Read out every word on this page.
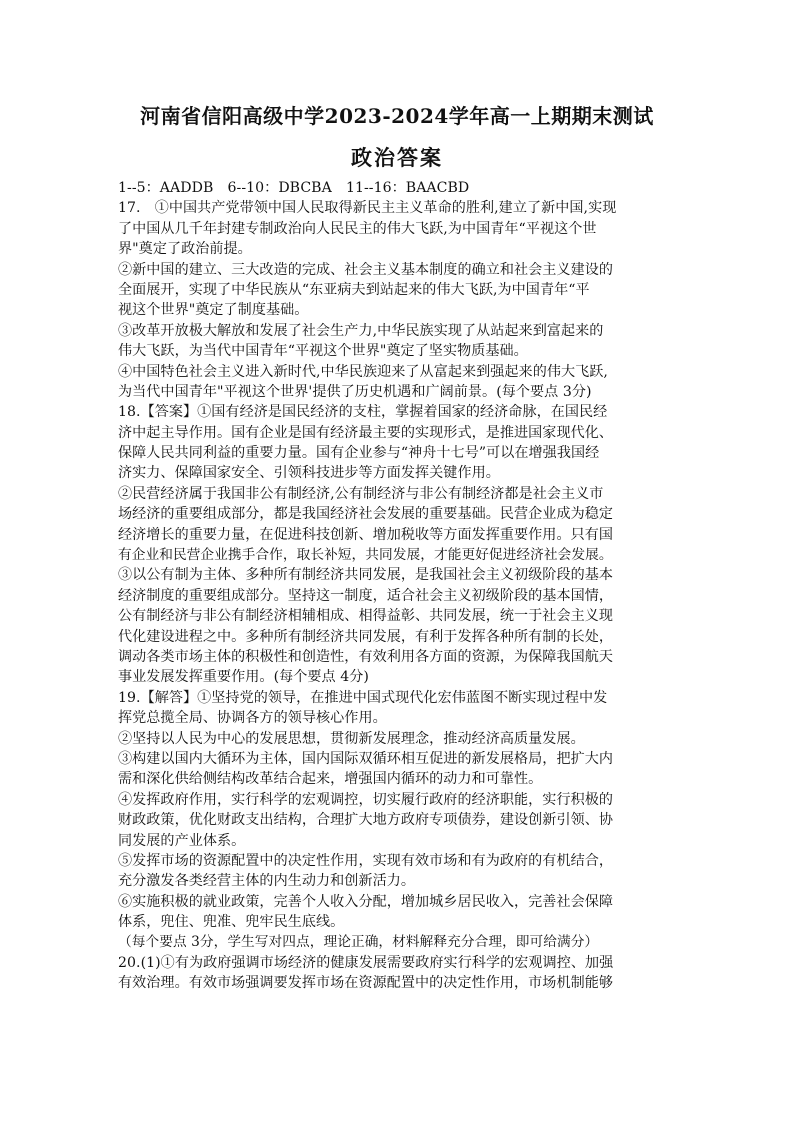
河南省信阳高级中学2023-2024学年高一上期期末测试
政治答案
1--5：AADDB　6--10：DBCBA　11--16：BAACBD
17.　①中国共产党带领中国人民取得新民主主义革命的胜利,建立了新中国,实现
了中国从几千年封建专制政治向人民民主的伟大飞跃,为中国青年“平视这个世
界"奠定了政治前提。
②新中国的建立、三大改造的完成、社会主义基本制度的确立和社会主义建设的
全面展开，实现了中华民族从“东亚病夫到站起来的伟大飞跃,为中国青年“平
视这个世界"奠定了制度基础。
③改革开放极大解放和发展了社会生产力,中华民族实现了从站起来到富起来的
伟大飞跃，为当代中国青年“平视这个世界"奠定了坚实物质基础。
④中国特色社会主义进入新时代,中华民族迎来了从富起来到强起来的伟大飞跃,
为当代中国青年"平视这个世界'提供了历史机遇和广阔前景。(每个要点 3分)
18.【答案】①国有经济是国民经济的支柱，掌握着国家的经济命脉，在国民经
济中起主导作用。国有企业是国有经济最主要的实现形式，是推进国家现代化、
保障人民共同利益的重要力量。国有企业参与“神舟十七号”可以在增强我国经
济实力、保障国家安全、引领科技进步等方面发挥关键作用。
②民营经济属于我国非公有制经济,公有制经济与非公有制经济都是社会主义市
场经济的重要组成部分，都是我国经济社会发展的重要基础。民营企业成为稳定
经济增长的重要力量，在促进科技创新、增加税收等方面发挥重要作用。只有国
有企业和民营企业携手合作，取长补短，共同发展，才能更好促进经济社会发展。
③以公有制为主体、多种所有制经济共同发展，是我国社会主义初级阶段的基本
经济制度的重要组成部分。坚持这一制度，适合社会主义初级阶段的基本国情，
公有制经济与非公有制经济相辅相成、相得益彰、共同发展，统一于社会主义现
代化建设进程之中。多种所有制经济共同发展，有利于发挥各种所有制的长处，
调动各类市场主体的积极性和创造性，有效利用各方面的资源，为保障我国航天
事业发展发挥重要作用。(每个要点 4分)
19.【解答】①坚持党的领导，在推进中国式现代化宏伟蓝图不断实现过程中发
挥党总揽全局、协调各方的领导核心作用。
②坚持以人民为中心的发展思想，贯彻新发展理念，推动经济高质量发展。
③构建以国内大循环为主体，国内国际双循环相互促进的新发展格局，把扩大内
需和深化供给侧结构改革结合起来，增强国内循环的动力和可靠性。
④发挥政府作用，实行科学的宏观调控，切实履行政府的经济职能，实行积极的
财政政策，优化财政支出结构，合理扩大地方政府专项债券，建设创新引领、协
同发展的产业体系。
⑤发挥市场的资源配置中的决定性作用，实现有效市场和有为政府的有机结合，
充分激发各类经营主体的内生动力和创新活力。
⑥实施积极的就业政策，完善个人收入分配，增加城乡居民收入，完善社会保障
体系，兜住、兜准、兜牢民生底线。
（每个要点 3分，学生写对四点，理论正确，材料解释充分合理，即可给满分）
20.(1)①有为政府强调市场经济的健康发展需要政府实行科学的宏观调控、加强
有效治理。有效市场强调要发挥市场在资源配置中的决定性作用，市场机制能够
